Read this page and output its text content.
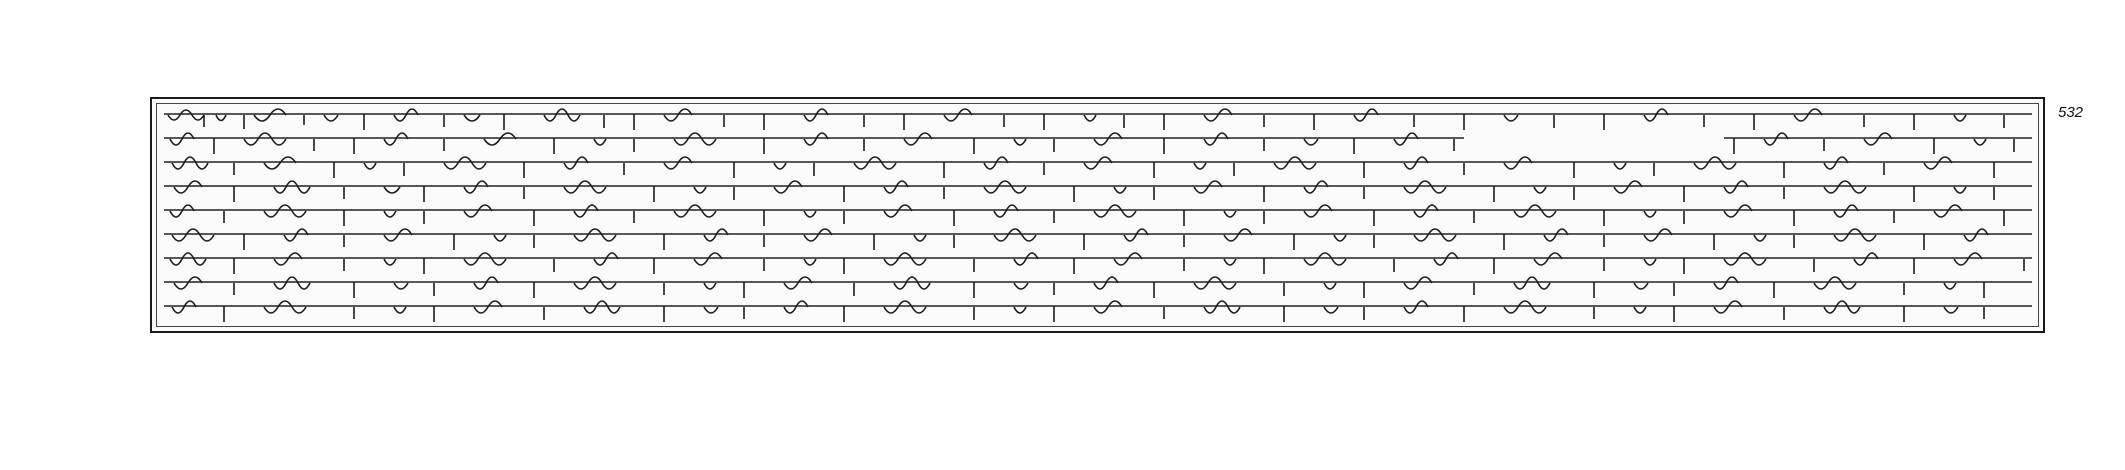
532
